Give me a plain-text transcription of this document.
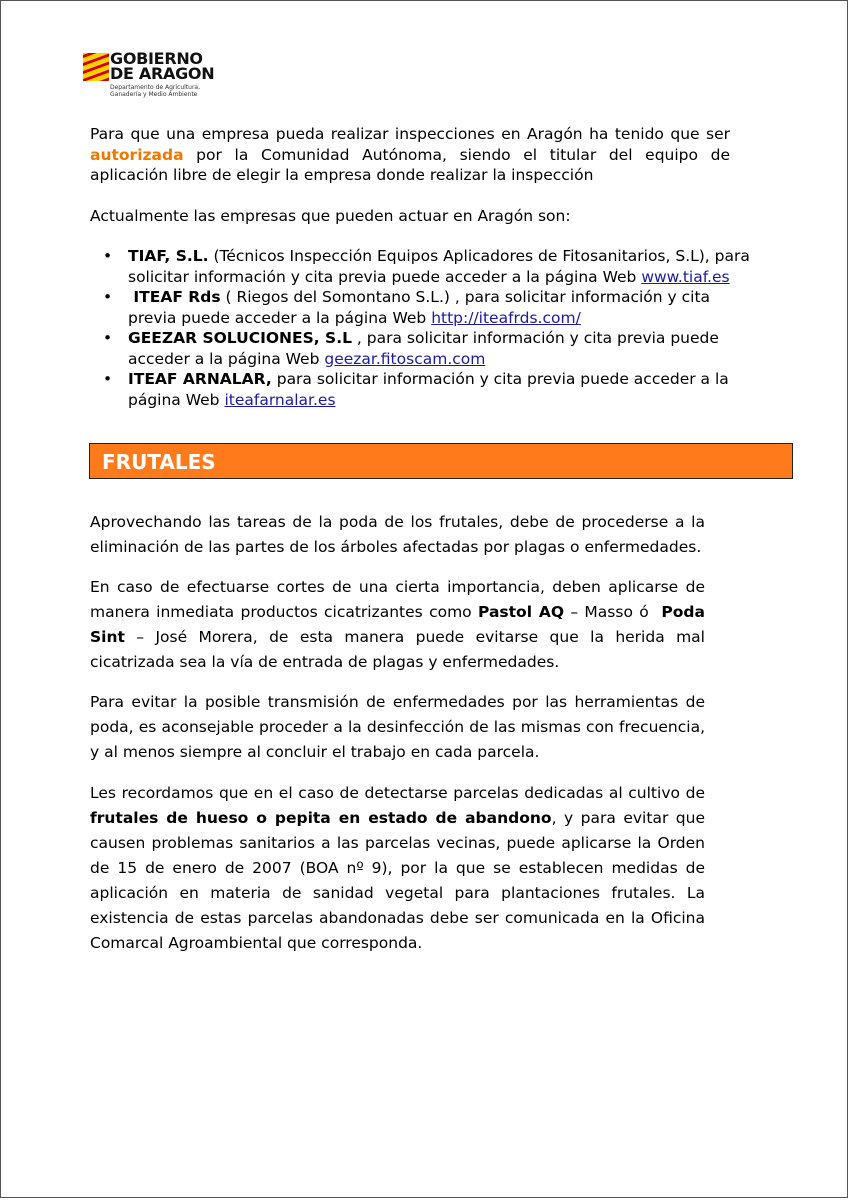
GOBIERNO
DE ARAGON
Departamento de Agricultura,
Ganadería y Medio Ambiente
Para que una empresa pueda realizar inspecciones en Aragón ha tenido que ser autorizada por la Comunidad Autónoma, siendo el titular del equipo de aplicación libre de elegir la empresa donde realizar la inspección
Actualmente las empresas que pueden actuar en Aragón son:
• TIAF, S.L. (Técnicos Inspección Equipos Aplicadores de Fitosanitarios, S.L), para solicitar información y cita previa puede acceder a la página Web www.tiaf.es
• ITEAF Rds ( Riegos del Somontano S.L.) , para solicitar información y cita previa puede acceder a la página Web http://iteafrds.com/
• GEEZAR SOLUCIONES, S.L , para solicitar información y cita previa puede acceder a la página Web geezar.fitoscam.com
• ITEAF ARNALAR, para solicitar información y cita previa puede acceder a la página Web iteafarnalar.es
FRUTALES
Aprovechando las tareas de la poda de los frutales, debe de procederse a la eliminación de las partes de los árboles afectadas por plagas o enfermedades.
En caso de efectuarse cortes de una cierta importancia, deben aplicarse de manera inmediata productos cicatrizantes como Pastol AQ – Masso ó  Poda Sint – José Morera, de esta manera puede evitarse que la herida mal cicatrizada sea la vía de entrada de plagas y enfermedades.
Para evitar la posible transmisión de enfermedades por las herramientas de poda, es aconsejable proceder a la desinfección de las mismas con frecuencia, y al menos siempre al concluir el trabajo en cada parcela.
Les recordamos que en el caso de detectarse parcelas dedicadas al cultivo de frutales de hueso o pepita en estado de abandono, y para evitar que causen problemas sanitarios a las parcelas vecinas, puede aplicarse la Orden de 15 de enero de 2007 (BOA nº 9), por la que se establecen medidas de aplicación en materia de sanidad vegetal para plantaciones frutales. La existencia de estas parcelas abandonadas debe ser comunicada en la Oficina Comarcal Agroambiental que corresponda.
